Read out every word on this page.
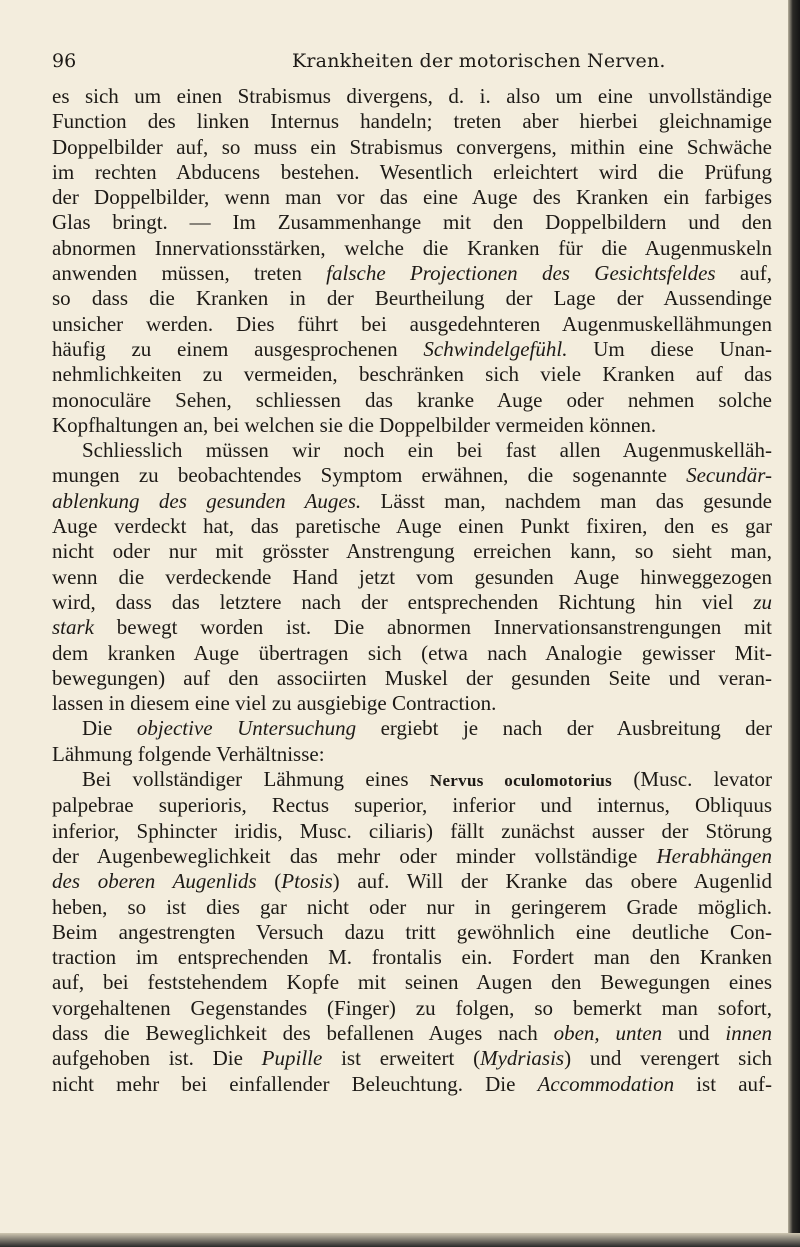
96	Krankheiten der motorischen Nerven.
es sich um einen Strabismus divergens, d. i. also um eine unvollständige
Function des linken Internus handeln; treten aber hierbei gleichnamige
Doppelbilder auf, so muss ein Strabismus convergens, mithin eine Schwäche
im rechten Abducens bestehen. Wesentlich erleichtert wird die Prüfung
der Doppelbilder, wenn man vor das eine Auge des Kranken ein farbiges
Glas bringt. — Im Zusammenhange mit den Doppelbildern und den
abnormen Innervationsstärken, welche die Kranken für die Augenmuskeln
anwenden müssen, treten falsche Projectionen des Gesichtsfeldes auf,
so dass die Kranken in der Beurtheilung der Lage der Aussendinge
unsicher werden. Dies führt bei ausgedehnteren Augenmuskellähmungen
häufig zu einem ausgesprochenen Schwindelgefühl. Um diese Unan-
nehmlichkeiten zu vermeiden, beschränken sich viele Kranken auf das
monoculäre Sehen, schliessen das kranke Auge oder nehmen solche
Kopfhaltungen an, bei welchen sie die Doppelbilder vermeiden können.
Schliesslich müssen wir noch ein bei fast allen Augenmuskelläh-
mungen zu beobachtendes Symptom erwähnen, die sogenannte Secundär-
ablenkung des gesunden Auges. Lässt man, nachdem man das gesunde
Auge verdeckt hat, das paretische Auge einen Punkt fixiren, den es gar
nicht oder nur mit grösster Anstrengung erreichen kann, so sieht man,
wenn die verdeckende Hand jetzt vom gesunden Auge hinweggezogen
wird, dass das letztere nach der entsprechenden Richtung hin viel zu
stark bewegt worden ist. Die abnormen Innervationsanstrengungen mit
dem kranken Auge übertragen sich (etwa nach Analogie gewisser Mit-
bewegungen) auf den associirten Muskel der gesunden Seite und veran-
lassen in diesem eine viel zu ausgiebige Contraction.
Die objective Untersuchung ergiebt je nach der Ausbreitung der
Lähmung folgende Verhältnisse:
Bei vollständiger Lähmung eines Nervus oculomotorius (Musc. levator
palpebrae superioris, Rectus superior, inferior und internus, Obliquus
inferior, Sphincter iridis, Musc. ciliaris) fällt zunächst ausser der Störung
der Augenbeweglichkeit das mehr oder minder vollständige Herabhängen
des oberen Augenlids (Ptosis) auf. Will der Kranke das obere Augenlid
heben, so ist dies gar nicht oder nur in geringerem Grade möglich.
Beim angestrengten Versuch dazu tritt gewöhnlich eine deutliche Con-
traction im entsprechenden M. frontalis ein. Fordert man den Kranken
auf, bei feststehendem Kopfe mit seinen Augen den Bewegungen eines
vorgehaltenen Gegenstandes (Finger) zu folgen, so bemerkt man sofort,
dass die Beweglichkeit des befallenen Auges nach oben, unten und innen
aufgehoben ist. Die Pupille ist erweitert (Mydriasis) und verengert sich
nicht mehr bei einfallender Beleuchtung. Die Accommodation ist auf-
